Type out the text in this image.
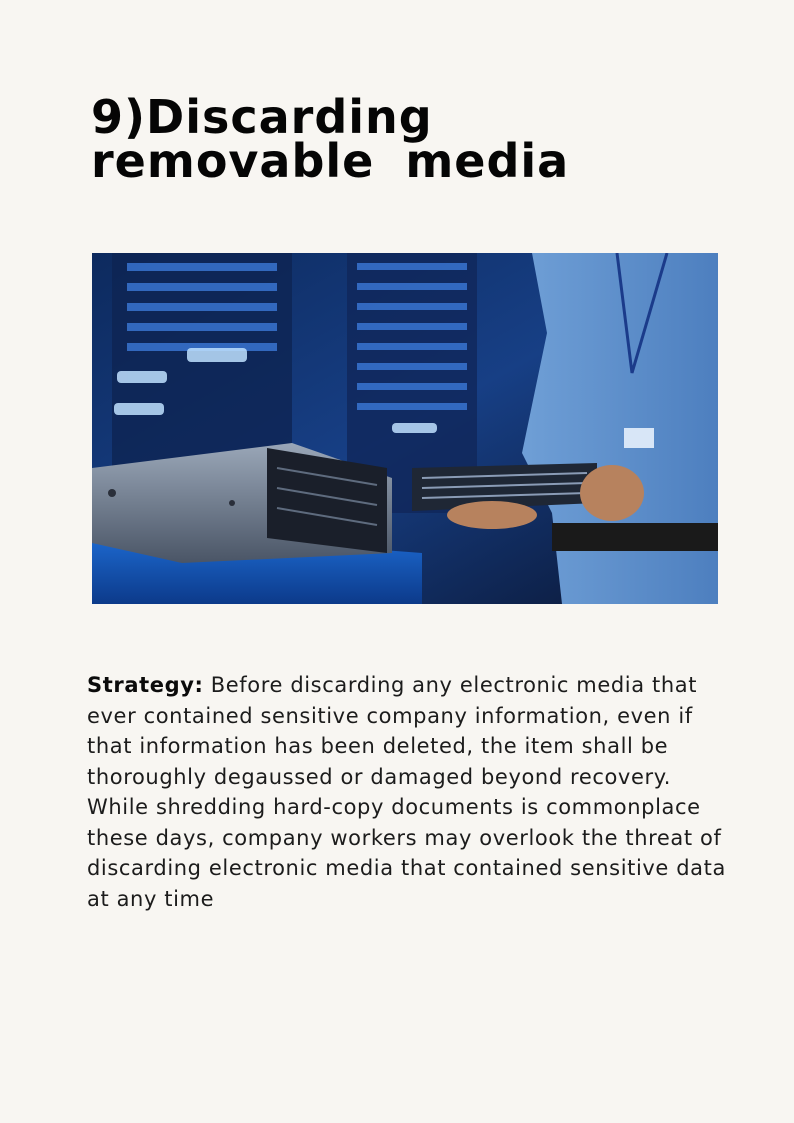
9)Discarding removable media

Strategy: Before discarding any electronic media that ever contained sensitive company information, even if that information has been deleted, the item shall be thoroughly degaussed or damaged beyond recovery. While shredding hard-copy documents is commonplace these days, company workers may overlook the threat of discarding electronic media that contained sensitive data at any time
